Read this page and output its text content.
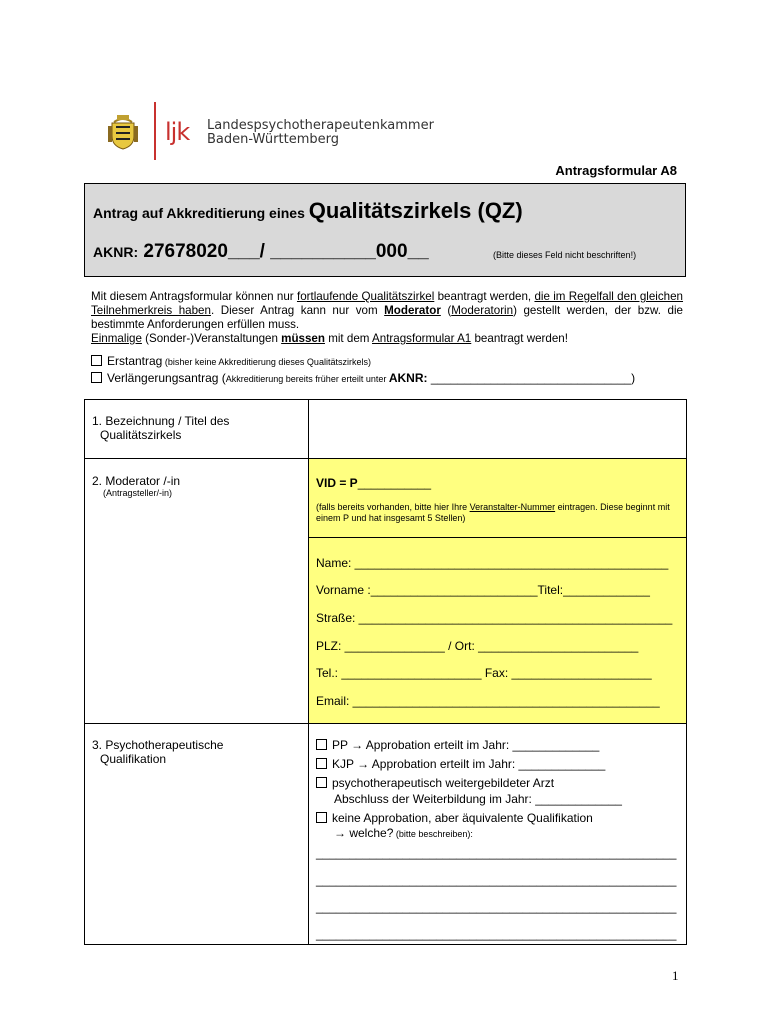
ljk Landespsychotherapeutenkammer
Baden-Württemberg
Antragsformular A8
Antrag auf Akkreditierung eines Qualitätszirkels (QZ)
AKNR: 27678020___/ __________000__	(Bitte dieses Feld nicht beschriften!)
Mit diesem Antragsformular können nur fortlaufende Qualitätszirkel beantragt werden, die im Regelfall den gleichen Teilnehmerkreis haben. Dieser Antrag kann nur vom Moderator (Moderatorin) gestellt werden, der bzw. die bestimmte Anforderungen erfüllen muss.
Einmalige (Sonder-)Veranstaltungen müssen mit dem Antragsformular A1 beantragt werden!
Erstantrag (bisher keine Akkreditierung dieses Qualitätszirkels)
Verlängerungsantrag (Akkreditierung bereits früher erteilt unter AKNR: ______________________________)
1. Bezeichnung / Titel des
Qualitätszirkels
2. Moderator /-in
(Antragsteller/-in)
VID = P___________
(falls bereits vorhanden, bitte hier Ihre Veranstalter-Nummer eintragen. Diese beginnt mit einem P und hat insgesamt 5 Stellen)
Name: _______________________________________________
Vorname :_________________________Titel:_____________
Straße: _______________________________________________
PLZ: _______________ / Ort: ________________________
Tel.: _____________________ Fax: _____________________
Email: ______________________________________________
3. Psychotherapeutische
Qualifikation
PP → Approbation erteilt im Jahr: _____________
KJP → Approbation erteilt im Jahr: _____________
psychotherapeutisch weitergebildeter Arzt
Abschluss der Weiterbildung im Jahr: _____________
keine Approbation, aber äquivalente Qualifikation
→ welche? (bitte beschreiben):
______________________________________________________
______________________________________________________
______________________________________________________
______________________________________________________
1
